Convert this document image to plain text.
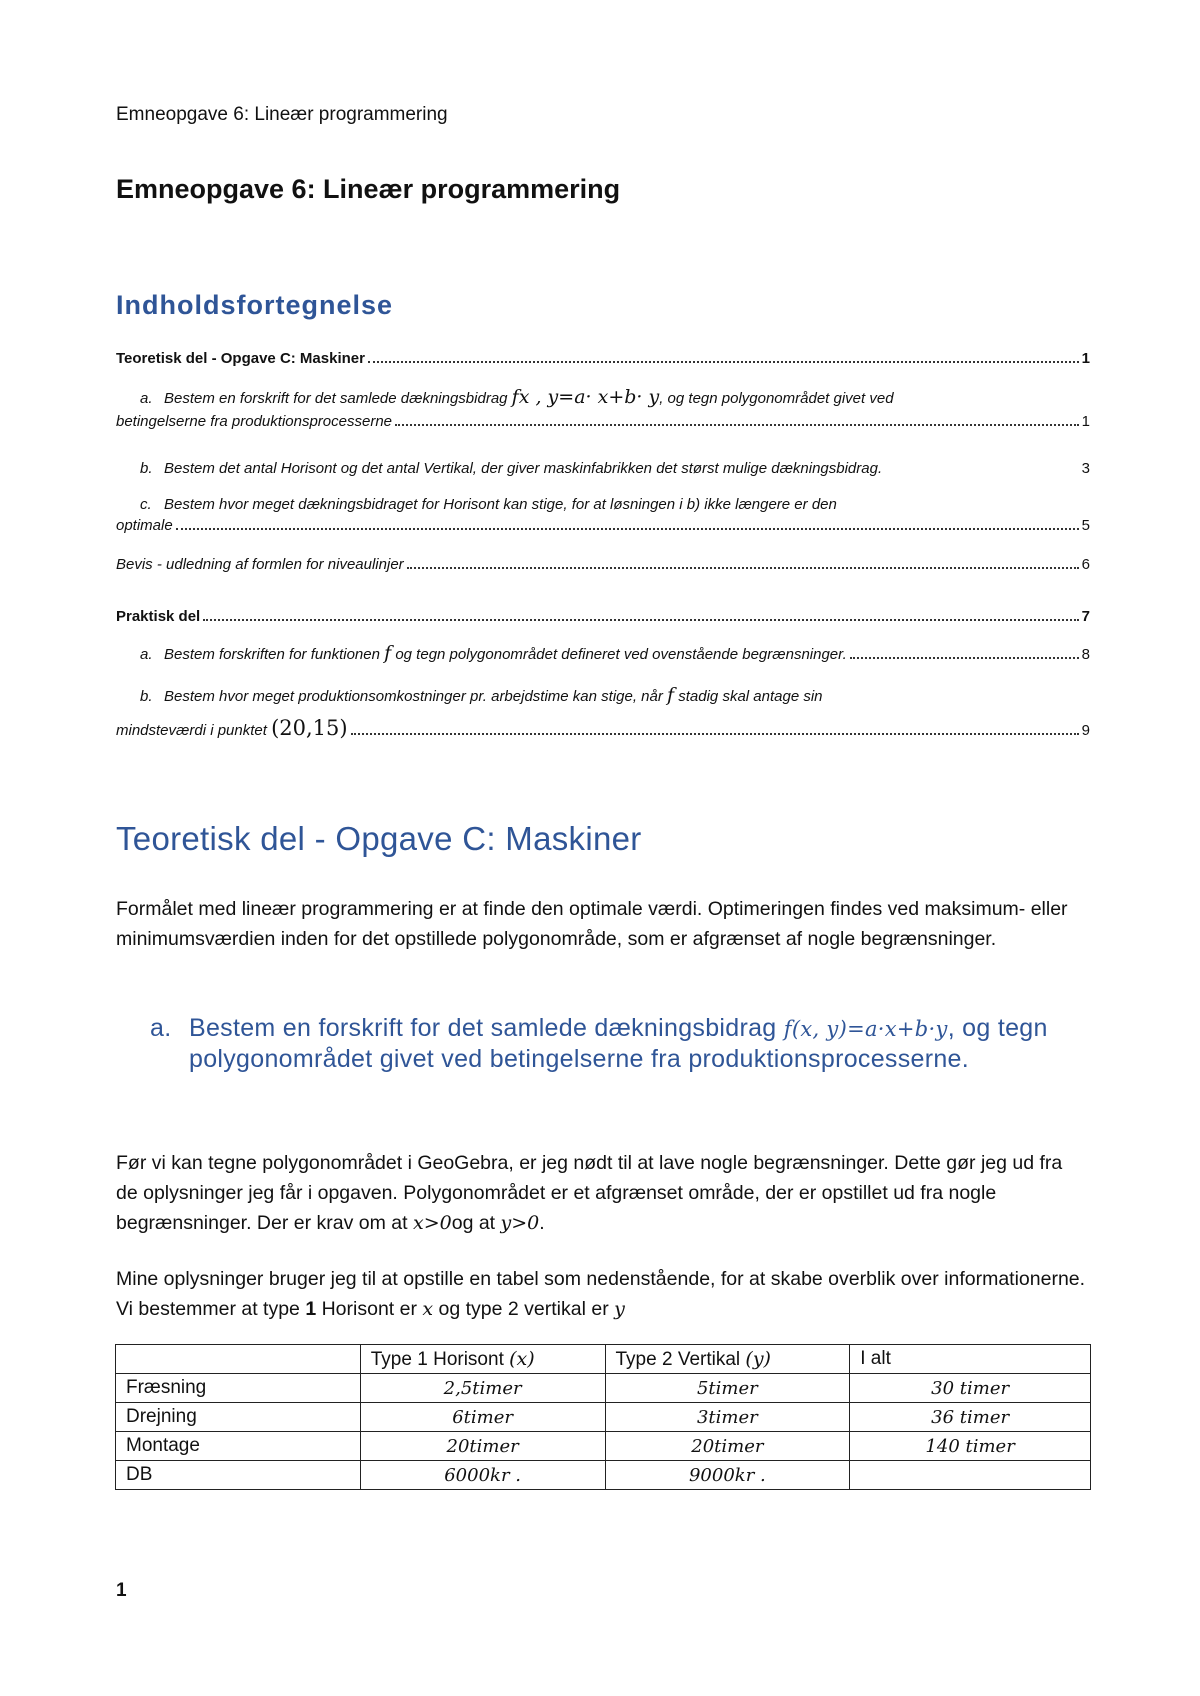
Emneopgave 6: Lineær programmering
Emneopgave 6: Lineær programmering
Indholdsfortegnelse
Teoretisk del - Opgave C: Maskiner	1
a. Bestem en forskrift for det samlede dækningsbidrag
fx , y=a· x+b· y , og tegn polygonområdet givet ved
betingelserne fra produktionsprocesserne	1
b. Bestem det antal Horisont og det antal Vertikal, der giver maskinfabrikken det størst mulige dækningsbidrag.	3
c. Bestem hvor meget dækningsbidraget for Horisont kan stige, for at løsningen i b) ikke længere er den
optimale	5
Bevis - udledning af formlen for niveaulinjer	6
Praktisk del	7
a. Bestem forskriften for funktionen
f
og tegn polygonområdet defineret ved ovenstående begrænsninger.	8
b. Bestem hvor meget produktionsomkostninger pr. arbejdstime kan stige, når
f
stadig skal antage sin
mindsteværdi i punktet
(20,15)	9
Teoretisk del - Opgave C: Maskiner

Formålet med lineær programmering er at finde den optimale værdi. Optimeringen findes ved maksimum- eller minimumsværdien inden for det opstillede polygonområde, som er afgrænset af nogle begrænsninger.

a. Bestem en forskrift for det samlede dækningsbidrag f(x, y)=a·x+b·y, og tegn polygonområdet givet ved betingelserne fra produktionsprocesserne.

Før vi kan tegne polygonområdet i GeoGebra, er jeg nødt til at lave nogle begrænsninger. Dette gør jeg ud fra de oplysninger jeg får i opgaven. Polygonområdet er et afgrænset område, der er opstillet ud fra nogle begrænsninger. Der er krav om at x>0og at y>0.

Mine oplysninger bruger jeg til at opstille en tabel som nedenstående, for at skabe overblik over informationerne. Vi bestemmer at type 1 Horisont er x og type 2 vertikal er y

	Type 1 Horisont (x)	Type 2 Vertikal (y)	I alt
Fræsning	2,5timer	5timer	30 timer
Drejning	6timer	3timer	36 timer
Montage	20timer	20timer	140 timer
DB	6000kr .	9000kr .	
1
